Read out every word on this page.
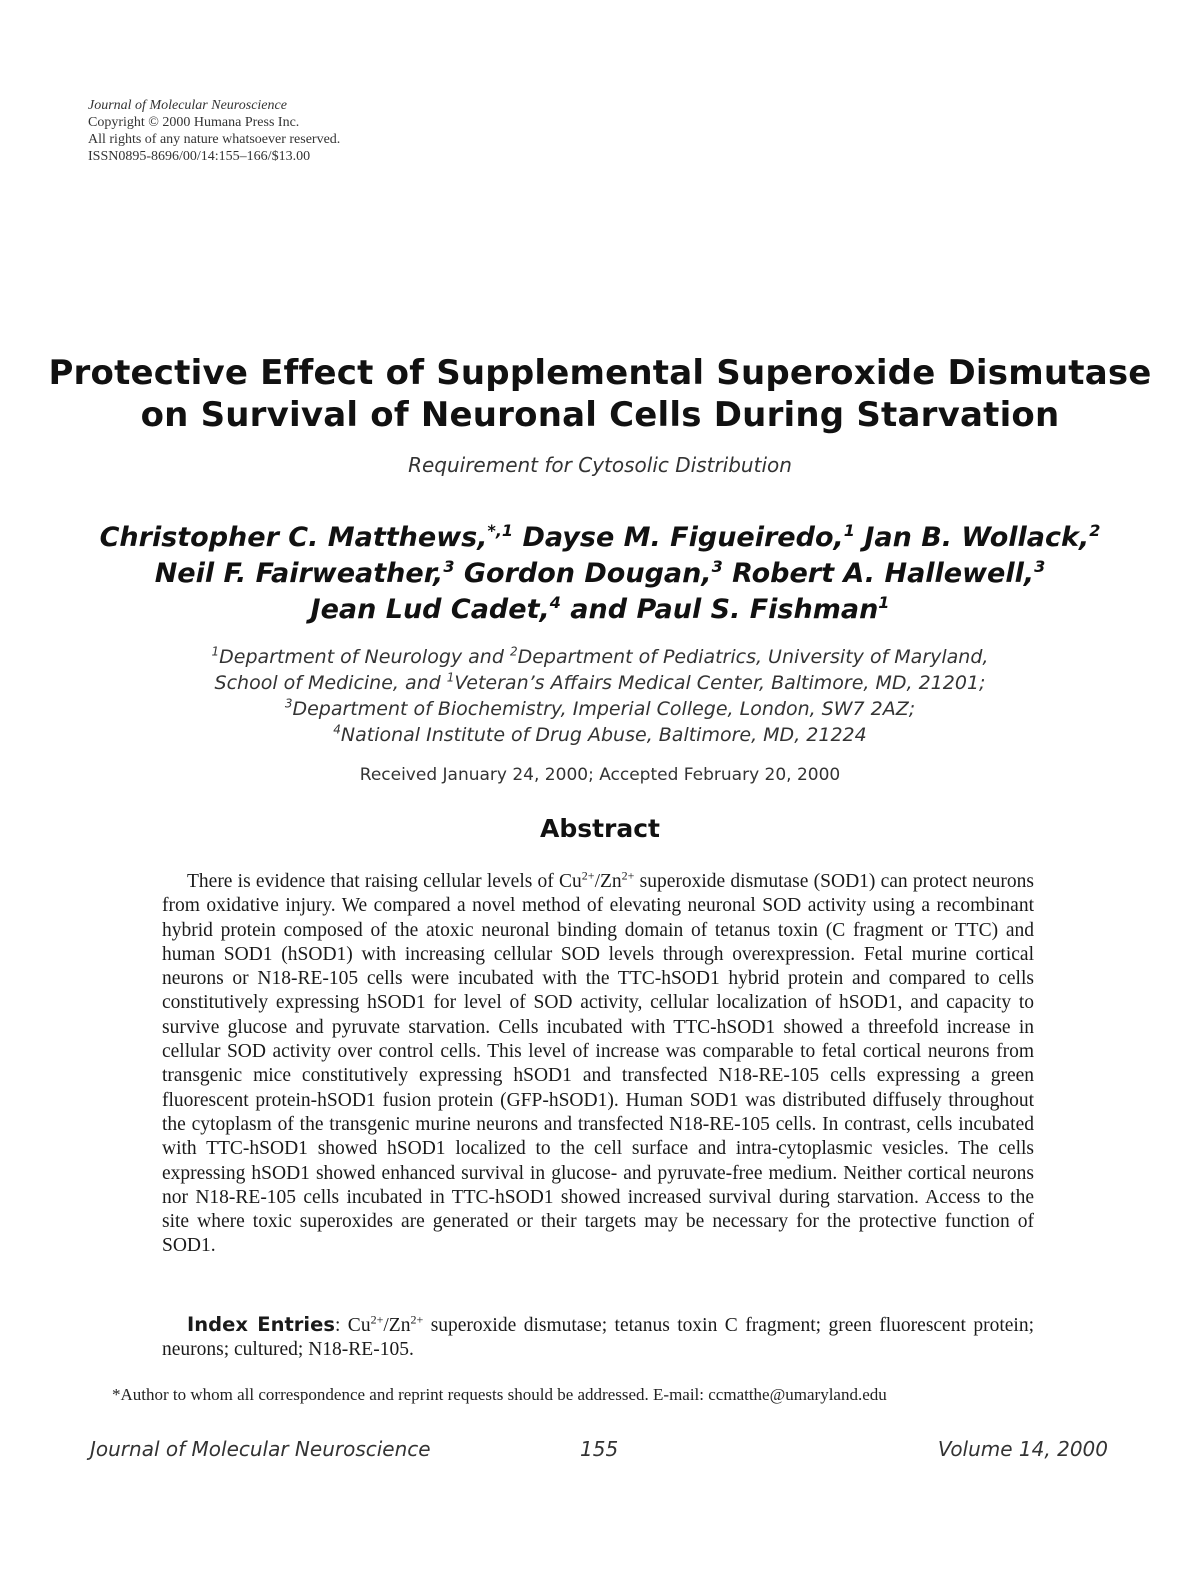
Journal of Molecular Neuroscience
Copyright © 2000 Humana Press Inc.
All rights of any nature whatsoever reserved.
ISSN0895-8696/00/14:155–166/$13.00
Protective Effect of Supplemental Superoxide Dismutase
on Survival of Neuronal Cells During Starvation
Requirement for Cytosolic Distribution
Christopher C. Matthews,$^{*,1}$ Dayse M. Figueiredo,$^1$ Jan B. Wollack,$^2$
Neil F. Fairweather,$^3$ Gordon Dougan,$^3$ Robert A. Hallewell,$^3$
Jean Lud Cadet,$^4$ and Paul S. Fishman$^1$
$^1$Department of Neurology and $^2$Department of Pediatrics, University of Maryland,
School of Medicine, and $^1$Veteran’s Affairs Medical Center, Baltimore, MD, 21201;
$^3$Department of Biochemistry, Imperial College, London, SW7 2AZ;
$^4$National Institute of Drug Abuse, Baltimore, MD, 21224
Received January 24, 2000; Accepted February 20, 2000
Abstract

There is evidence that raising cellular levels of $Cu^{2+}/Zn^{2+}$ superoxide dismutase (SOD1) can protect neurons from oxidative injury. We compared a novel method of elevating neuronal SOD activity using a recombinant hybrid protein composed of the atoxic neuronal binding domain of tetanus toxin (C fragment or TTC) and human SOD1 (hSOD1) with increasing cellular SOD levels through overexpression. Fetal murine cortical neurons or N18-RE-105 cells were incubated with the TTC-hSOD1 hybrid protein and compared to cells constitutively expressing hSOD1 for level of SOD activity, cellular localization of hSOD1, and capacity to survive glucose and pyruvate starvation. Cells incubated with TTC-hSOD1 showed a threefold increase in cellular SOD activity over control cells. This level of increase was comparable to fetal cortical neurons from transgenic mice constitutively expressing hSOD1 and transfected N18-RE-105 cells expressing a green fluorescent protein-hSOD1 fusion protein (GFP-hSOD1). Human SOD1 was distributed diffusely throughout the cytoplasm of the transgenic murine neurons and transfected N18-RE-105 cells. In contrast, cells incubated with TTC-hSOD1 showed hSOD1 localized to the cell surface and intra-cytoplasmic vesicles. The cells expressing hSOD1 showed enhanced survival in glucose- and pyruvate-free medium. Neither cortical neurons nor N18-RE-105 cells incubated in TTC-hSOD1 showed increased survival during starvation. Access to the site where toxic superoxides are generated or their targets may be necessary for the protective function of SOD1.

Index Entries: $Cu^{2+}/Zn^{2+}$ superoxide dismutase; tetanus toxin C fragment; green fluorescent protein; neurons; cultured; N18-RE-105.

*Author to whom all correspondence and reprint requests should be addressed. E-mail: ccmatthe@umaryland.edu
Journal of Molecular Neuroscience	155	Volume 14, 2000
